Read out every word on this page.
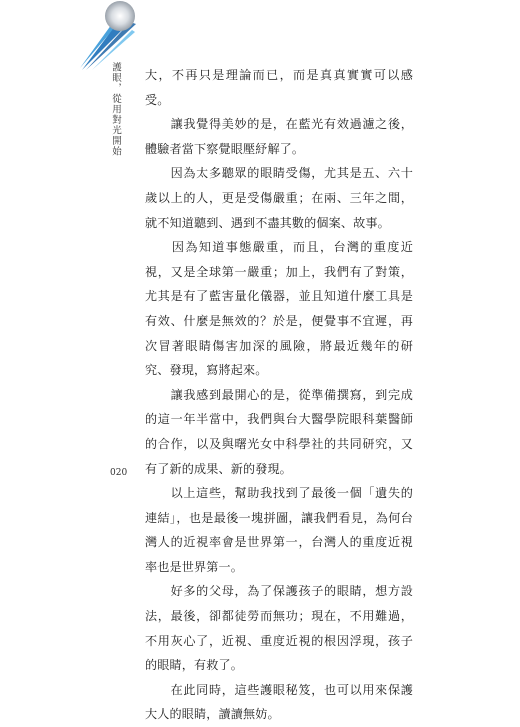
護眼，從用對光開始 大，不再只是理論而已，而是真真實實可以感受。

　　讓我覺得美妙的是，在藍光有效過濾之後，體驗者當下察覺眼壓紓解了。

　　因為太多聽眾的眼睛受傷，尤其是五、六十歲以上的人，更是受傷嚴重；在兩、三年之間，就不知道聽到、遇到不盡其數的個案、故事。

　　因為知道事態嚴重，而且，台灣的重度近視，又是全球第一嚴重；加上，我們有了對策，尤其是有了藍害量化儀器，並且知道什麼工具是有效、什麼是無效的？於是，便覺事不宜遲，再次冒著眼睛傷害加深的風險，將最近幾年的研究、發現，寫將起來。

　　讓我感到最開心的是，從準備撰寫，到完成的這一年半當中，我們與台大醫學院眼科葉醫師的合作，以及與曙光女中科學社的共同研究，又有了新的成果、新的發現。

　　以上這些，幫助我找到了最後一個「遺失的連結」，也是最後一塊拼圖，讓我們看見，為何台灣人的近視率會是世界第一，台灣人的重度近視率也是世界第一。

　　好多的父母，為了保護孩子的眼睛，想方設法，最後，卻都徒勞而無功；現在，不用難過，不用灰心了，近視、重度近視的根因浮現，孩子的眼睛，有救了。

　　在此同時，這些護眼秘笈，也可以用來保護大人的眼睛，讀讀無妨。

020
